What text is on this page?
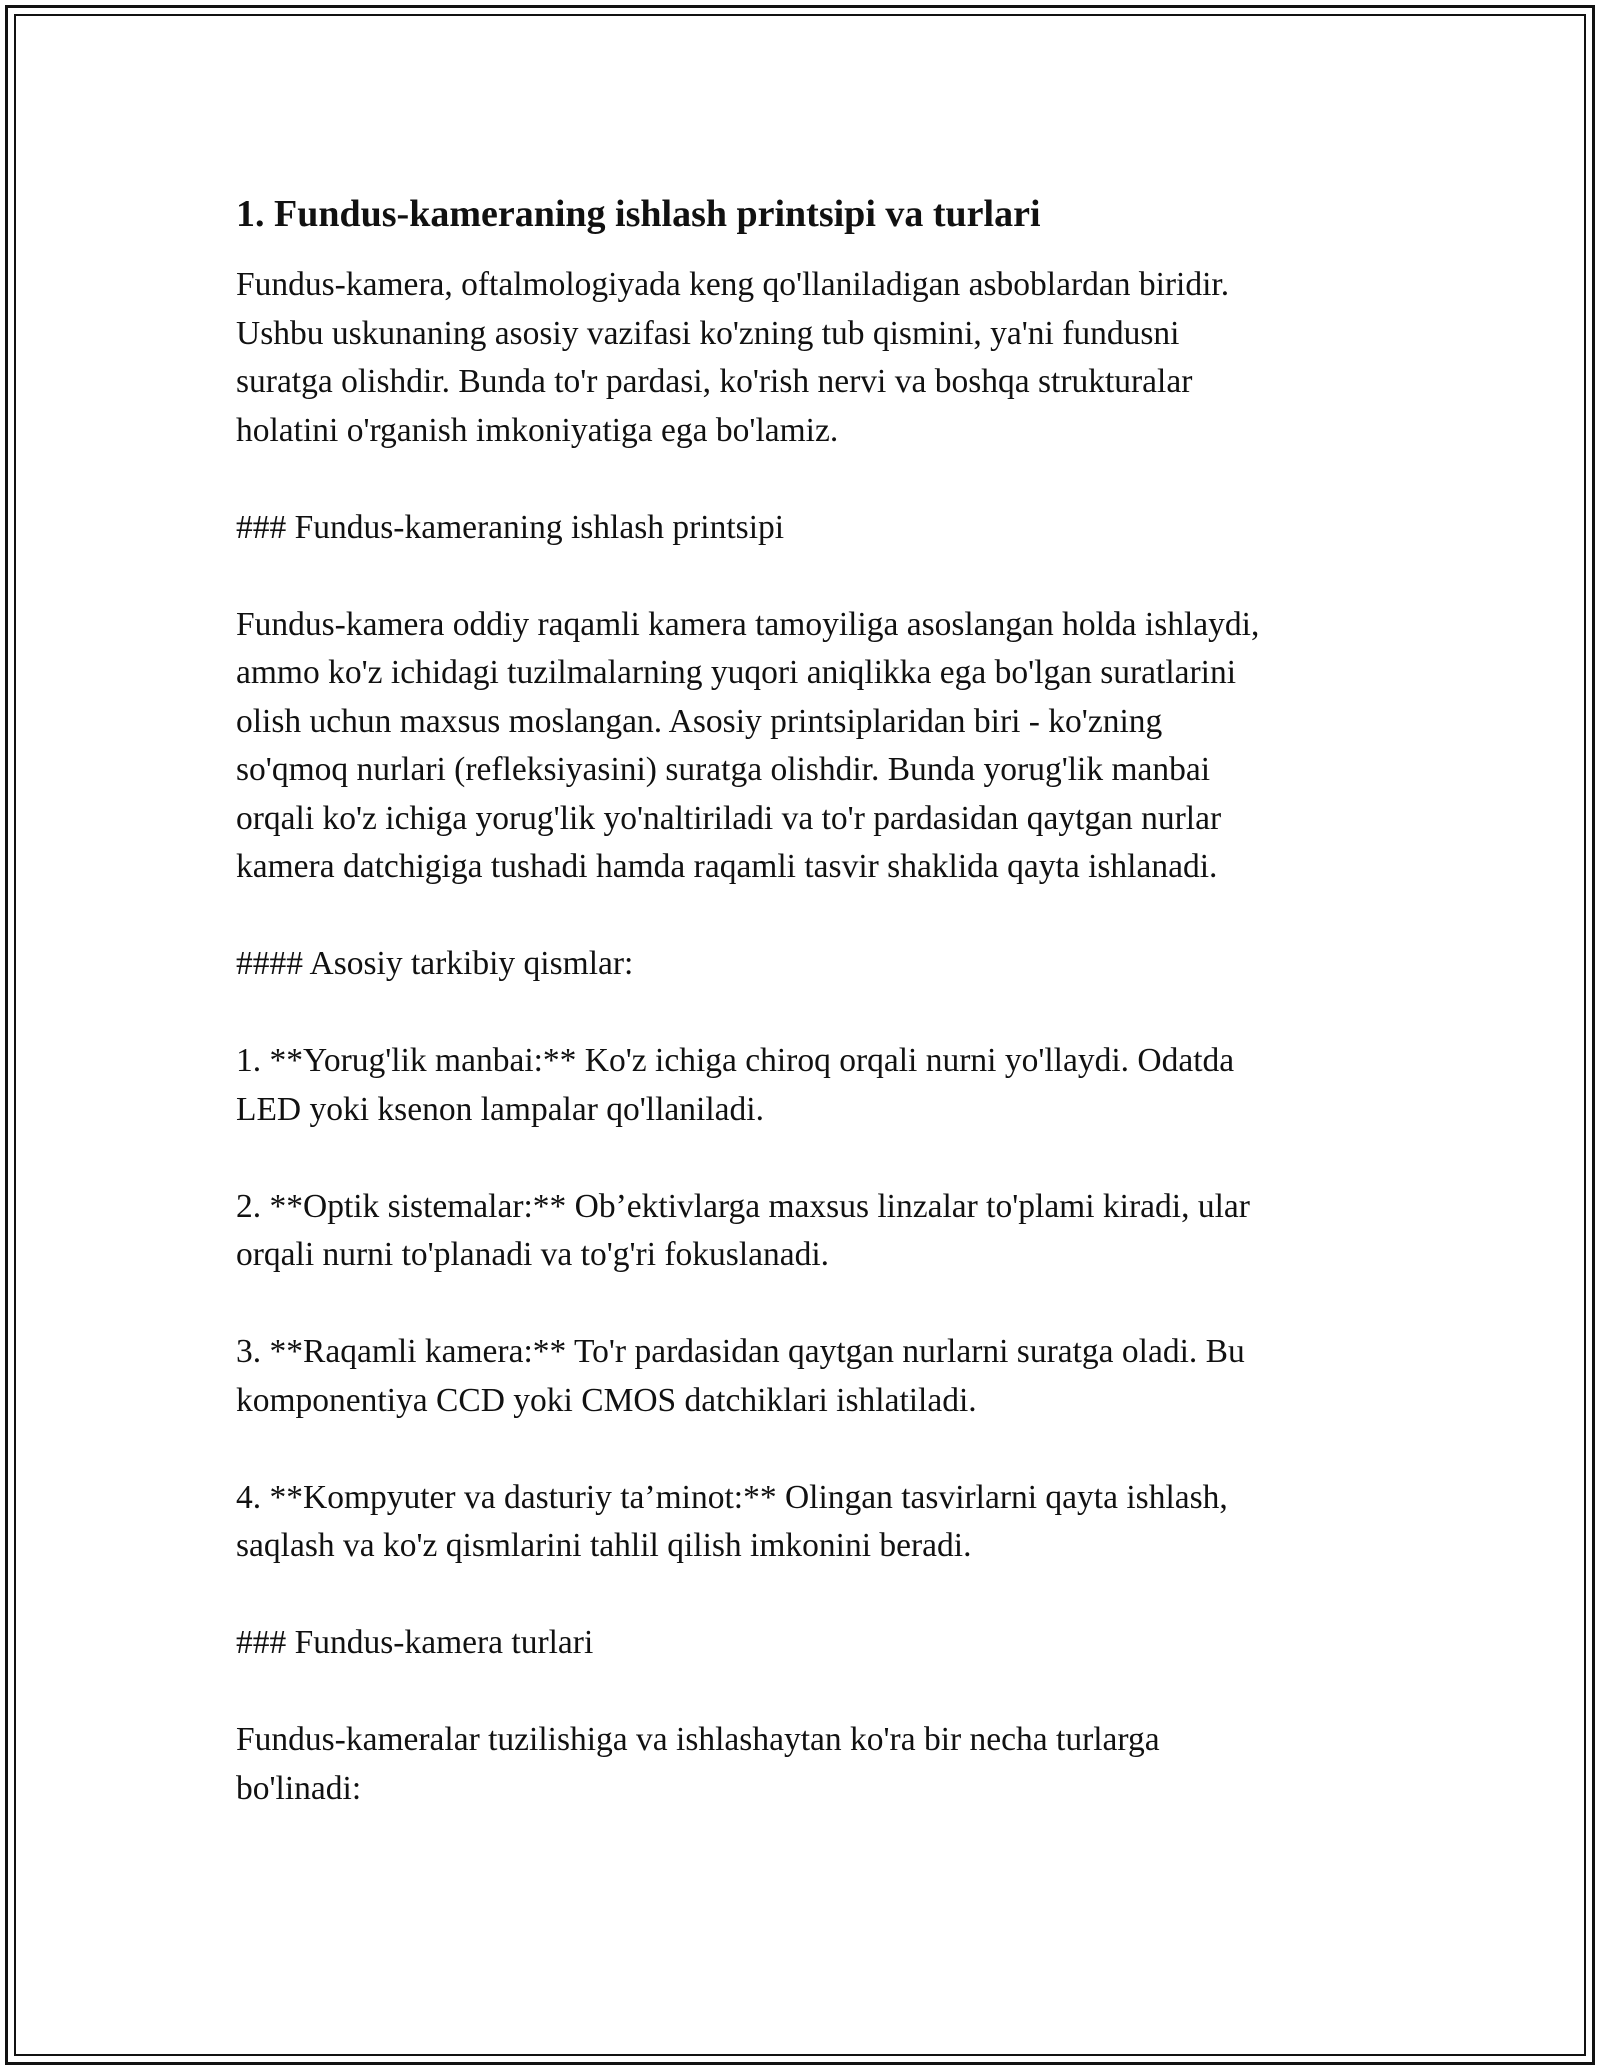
1. Fundus-kameraning ishlash printsipi va turlari

Fundus-kamera, oftalmologiyada keng qo'llaniladigan asboblardan biridir.
Ushbu uskunaning asosiy vazifasi ko'zning tub qismini, ya'ni fundusni
suratga olishdir. Bunda to'r pardasi, ko'rish nervi va boshqa strukturalar
holatini o'rganish imkoniyatiga ega bo'lamiz.

### Fundus-kameraning ishlash printsipi

Fundus-kamera oddiy raqamli kamera tamoyiliga asoslangan holda ishlaydi,
ammo ko'z ichidagi tuzilmalarning yuqori aniqlikka ega bo'lgan suratlarini
olish uchun maxsus moslangan. Asosiy printsiplaridan biri - ko'zning
so'qmoq nurlari (refleksiyasini) suratga olishdir. Bunda yorug'lik manbai
orqali ko'z ichiga yorug'lik yo'naltiriladi va to'r pardasidan qaytgan nurlar
kamera datchigiga tushadi hamda raqamli tasvir shaklida qayta ishlanadi.

#### Asosiy tarkibiy qismlar:

1. **Yorug'lik manbai:** Ko'z ichiga chiroq orqali nurni yo'llaydi. Odatda
LED yoki ksenon lampalar qo'llaniladi.

2. **Optik sistemalar:** Ob’ektivlarga maxsus linzalar to'plami kiradi, ular
orqali nurni to'planadi va to'g'ri fokuslanadi.

3. **Raqamli kamera:** To'r pardasidan qaytgan nurlarni suratga oladi. Bu
komponentiya CCD yoki CMOS datchiklari ishlatiladi.

4. **Kompyuter va dasturiy ta’minot:** Olingan tasvirlarni qayta ishlash,
saqlash va ko'z qismlarini tahlil qilish imkonini beradi.

### Fundus-kamera turlari

Fundus-kameralar tuzilishiga va ishlashaytan ko'ra bir necha turlarga
bo'linadi:
